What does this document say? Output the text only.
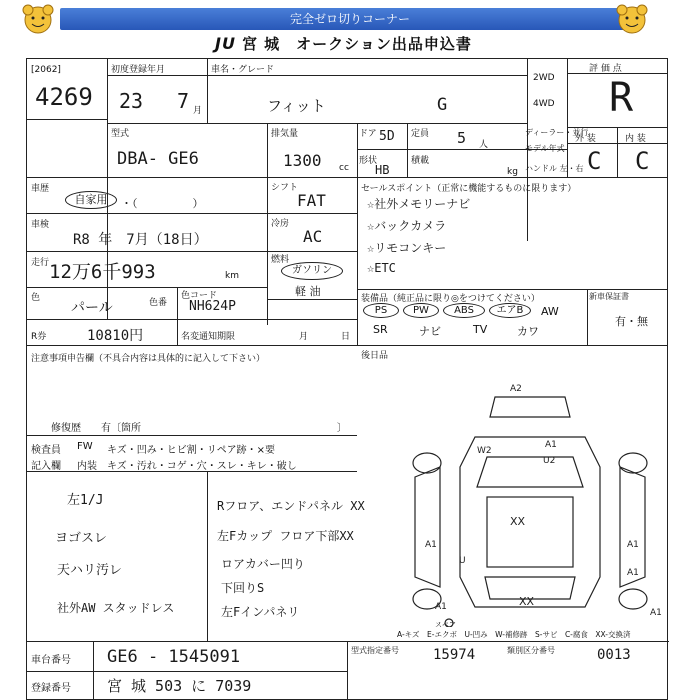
完全ゼロ切りコーナー
JU 宮 城　オークション出品申込書
[2062]
4269
初度登録年月
23 7 月
車名・グレード
フィット	G
2WD
4WD
評 価 点
R
外 装	内 装
C C
型式
DBA- GE6
排気量
1300 cc
ドア 5D 定員 5 人
形状
HB
積載
kg
ディーラー・並行
モデル年式
ハンドル 左・右
車歴
自家用	・（　　　　　）
シフト
FAT
車検
R8 年　7月（18日）
冷房
AC
走行 12万6千993	km
燃料
ガソリン
軽 油
色
パール	色番
色コード
NH624P
R券	10810円	名変通知期限	月	日
セールスポイント（正常に機能するものに限ります）
☆社外メモリーナビ
☆バックカメラ
☆リモコンキー
☆ETC
装備品（純正品に限り◎をつけてください）
PS	PW	ABS	エアB	AW
SR	ナビ	TV	カワ
新車保証書
有・無
後日品
注意事項申告欄（不具合内容は具体的に記入して下さい）
修復歴　　有〔箇所	〕
検査員
記入欄
FW キズ・凹み・ヒビ割・リペア跡・×要
内装 キズ・汚れ・コゲ・穴・スレ・キレ・破し
左1/J
ヨゴスレ
天ハリ汚レ
社外AW スタッドレス
Rフロア、エンドパネル XX
左Fカップ フロア下部XX
ロアカバー凹り
下回りS
左Fインパネリ
A2
W2
A1
U2
A1
A1
A1
A1
XX
XX
U
A1
スペア
A-キズ　E-エクボ　U-凹み　W-補修跡　S-サビ　C-腐食　XX-交換済
車台番号 GE6 - 1545091	型式指定番号 15974	類別区分番号	0013
登録番号 宮 城 503 に 7039
